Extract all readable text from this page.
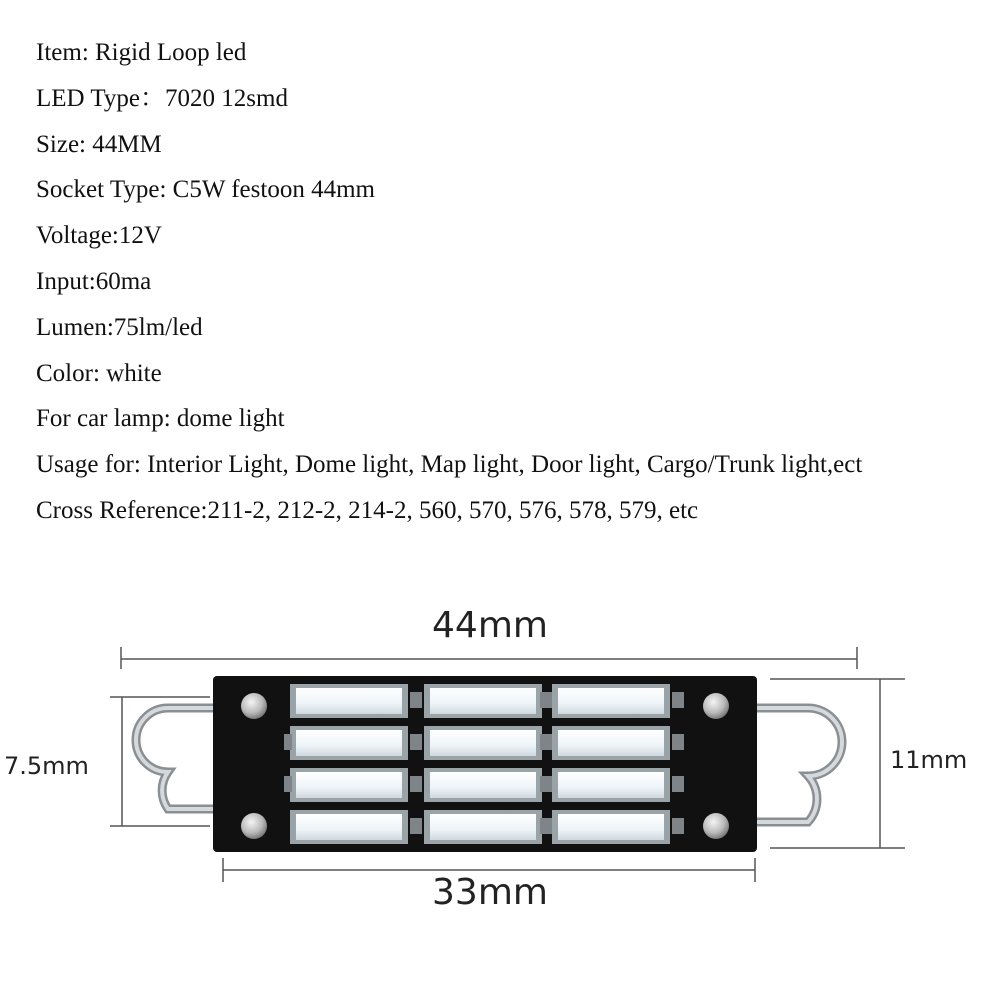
Item: Rigid Loop led
LED Type：7020 12smd
Size: 44MM
Socket Type: C5W festoon 44mm
Voltage:12V
Input:60ma
Lumen:75lm/led
Color: white
For car lamp: dome light
Usage for: Interior Light, Dome light, Map light, Door light, Cargo/Trunk light,ect
Cross Reference:211-2, 212-2, 214-2, 560, 570, 576, 578, 579, etc
44mm
33mm
7.5mm	11mm
